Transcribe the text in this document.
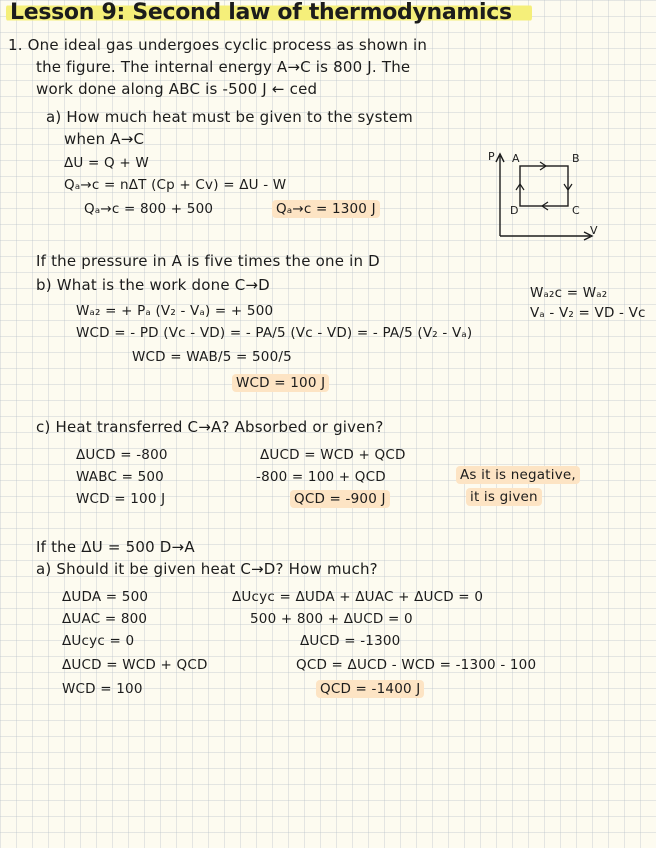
Lesson 9: Second law of thermodynamics
1. One ideal gas undergoes cyclic process as shown in
the figure. The internal energy A→C is 800 J. The
work done along ABC is -500 J ← ced
a) How much heat must be given to the system
when A→C
ΔU = Q + W
Qₐ→c = nΔT (Cp + Cv) = ΔU - W
Qₐ→c = 800 + 500	Qₐ→c = 1300 J
P
V
A	B
C
D
If the pressure in A is five times the one in D
b) What is the work done C→D	Wₐ₂c = Wₐ₂
Vₐ - V₂ = VD - Vc
Wₐ₂ = + Pₐ (V₂ - Vₐ) = + 500
WCD = - PD (Vc - VD) = - PA/5 (Vc - VD) = - PA/5 (V₂ - Vₐ)
WCD = WAB/5 = 500/5
WCD = 100 J
c) Heat transferred C→A? Absorbed or given?
ΔUCD = -800
WABC = 500
WCD = 100 J
ΔUCD = WCD + QCD
-800 = 100 + QCD
QCD = -900 J
As it is negative,
it is given
If the ΔU = 500 D→A
a) Should it be given heat C→D? How much?
ΔUDA = 500
ΔUAC = 800
ΔUcyc = 0
ΔUCD = WCD + QCD
WCD = 100
ΔUcyc = ΔUDA + ΔUAC + ΔUCD = 0
500 + 800 + ΔUCD = 0
ΔUCD = -1300
QCD = ΔUCD - WCD = -1300 - 100
QCD = -1400 J
